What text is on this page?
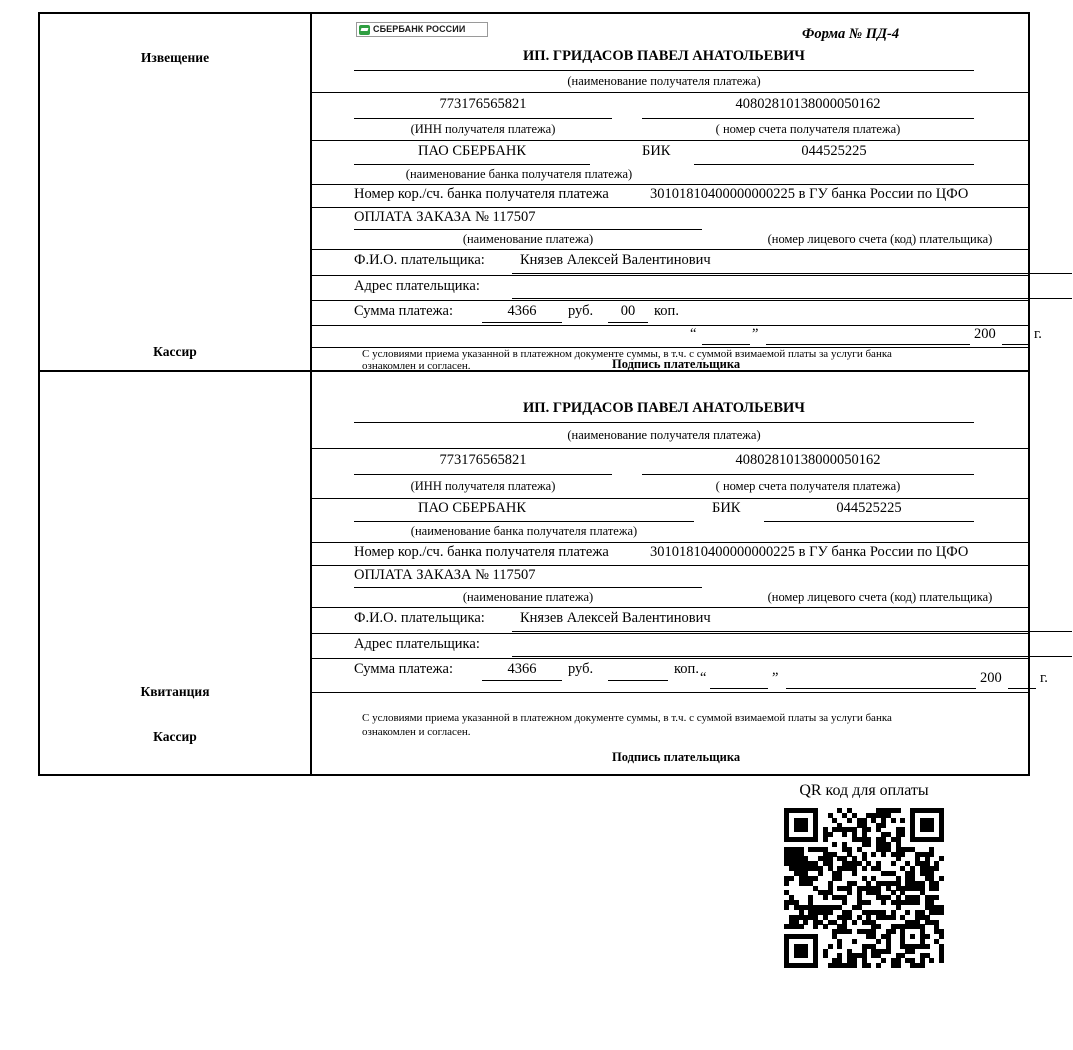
Извещение
Кассир
СБЕРБАНК РОССИИ	Форма № ПД-4
ИП. ГРИДАСОВ ПАВЕЛ АНАТОЛЬЕВИЧ
(наименование получателя платежа)
773176565821
(ИНН получателя платежа)
40802810138000050162
( номер счета получателя платежа)
ПАО СБЕРБАНК
(наименование банка получателя платежа)
БИК	044525225
Номер кор./сч. банка получателя платежа	30101810400000000225 в ГУ банка России по ЦФО
ОПЛАТА ЗАКАЗА № 117507
(наименование платежа)	(номер лицевого счета (код) плательщика)
Ф.И.О. плательщика: Князев Алексей Валентинович
Адрес плательщика:
Сумма платежа:	4366	руб.	00	коп.
“	”	200	г.
С условиями приема указанной в платежном документе суммы, в т.ч. с суммой взимаемой платы за услуги банка
ознакомлен и согласен.	Подпись плательщика
Квитанция
Кассир
ИП. ГРИДАСОВ ПАВЕЛ АНАТОЛЬЕВИЧ
(наименование получателя платежа)
773176565821
(ИНН получателя платежа)
40802810138000050162
( номер счета получателя платежа)
ПАО СБЕРБАНК
(наименование банка получателя платежа)
БИК	044525225
Номер кор./сч. банка получателя платежа	30101810400000000225 в ГУ банка России по ЦФО
ОПЛАТА ЗАКАЗА № 117507
(наименование платежа)	(номер лицевого счета (код) плательщика)
Ф.И.О. плательщика: Князев Алексей Валентинович
Адрес плательщика:
Сумма платежа:	4366	руб.	коп.
“	”	200	г.
С условиями приема указанной в платежном документе суммы, в т.ч. с суммой взимаемой платы за услуги банка
ознакомлен и согласен.
Подпись плательщика
QR код для оплаты
